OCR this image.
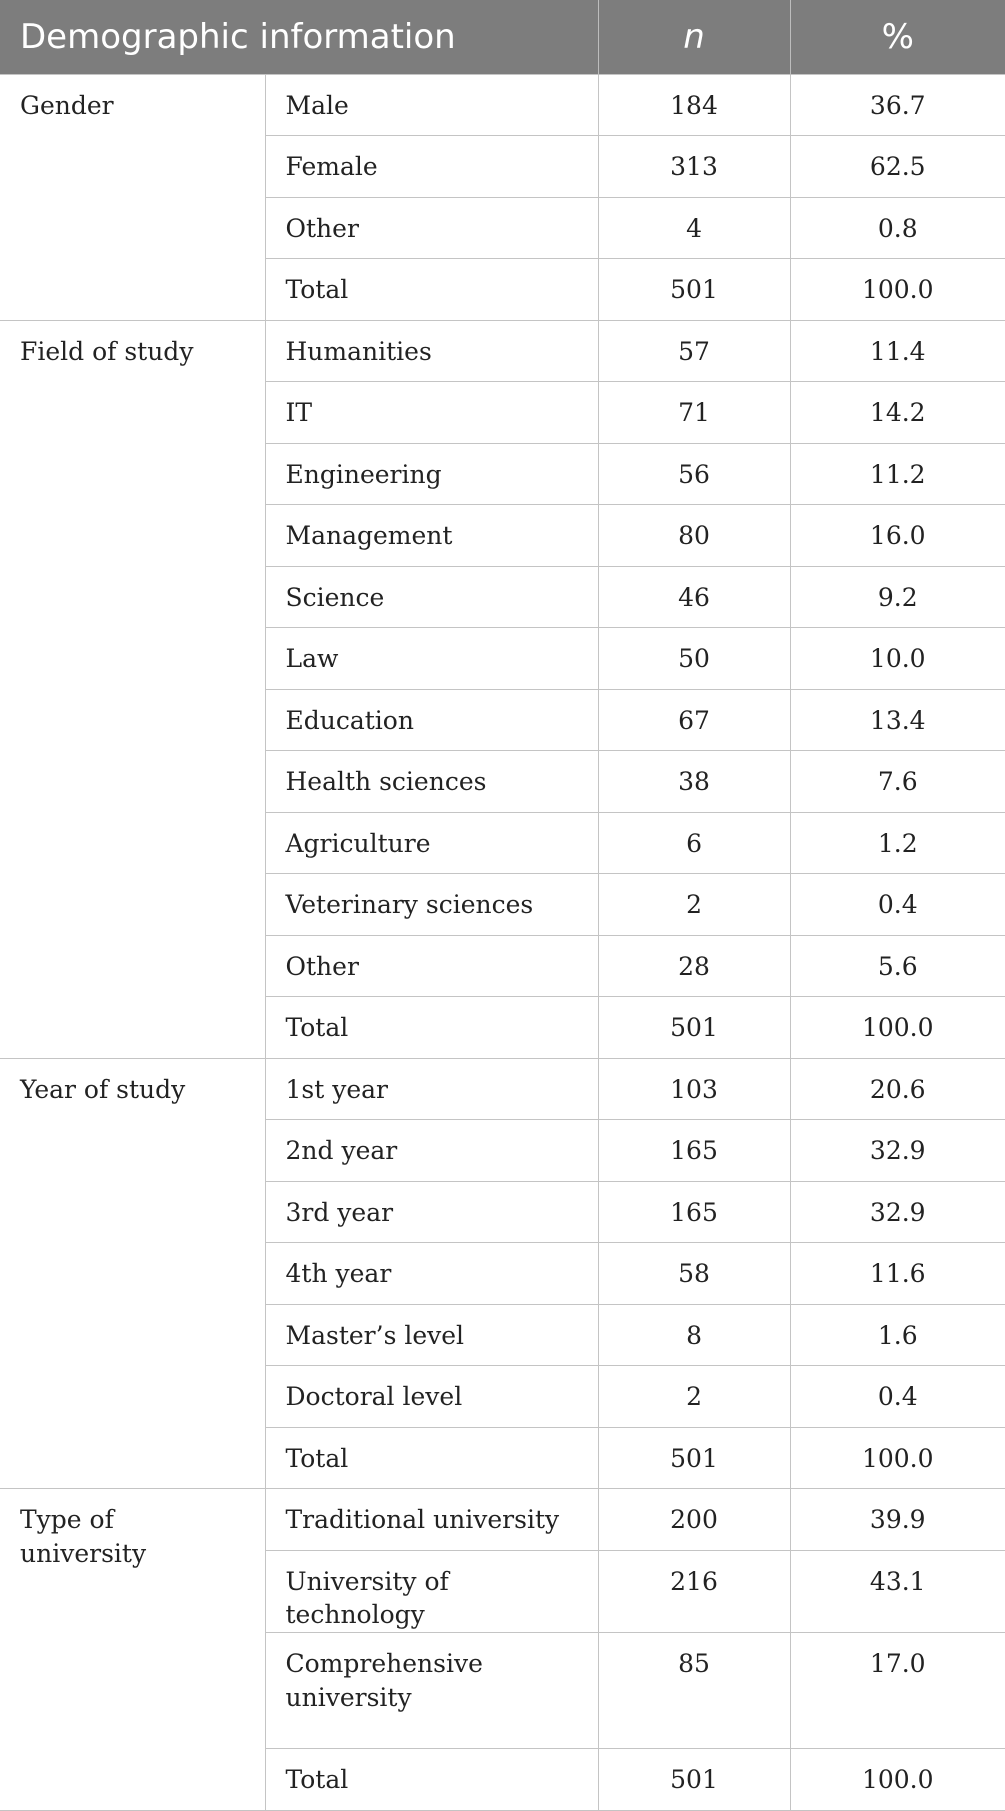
Demographic information		n	%
Gender	Male	184	36.7
	Female	313	62.5
	Other	4	0.8
	Total	501	100.0
Field of study	Humanities	57	11.4
	IT	71	14.2
	Engineering	56	11.2
	Management	80	16.0
	Science	46	9.2
	Law	50	10.0
	Education	67	13.4
	Health sciences	38	7.6
	Agriculture	6	1.2
	Veterinary sciences	2	0.4
	Other	28	5.6
	Total	501	100.0
Year of study	1st year	103	20.6
	2nd year	165	32.9
	3rd year	165	32.9
	4th year	58	11.6
	Master’s level	8	1.6
	Doctoral level	2	0.4
	Total	501	100.0
Type of university	Traditional university	200	39.9
	University of technology	216	43.1
	Comprehensive university	85	17.0
	Total	501	100.0
